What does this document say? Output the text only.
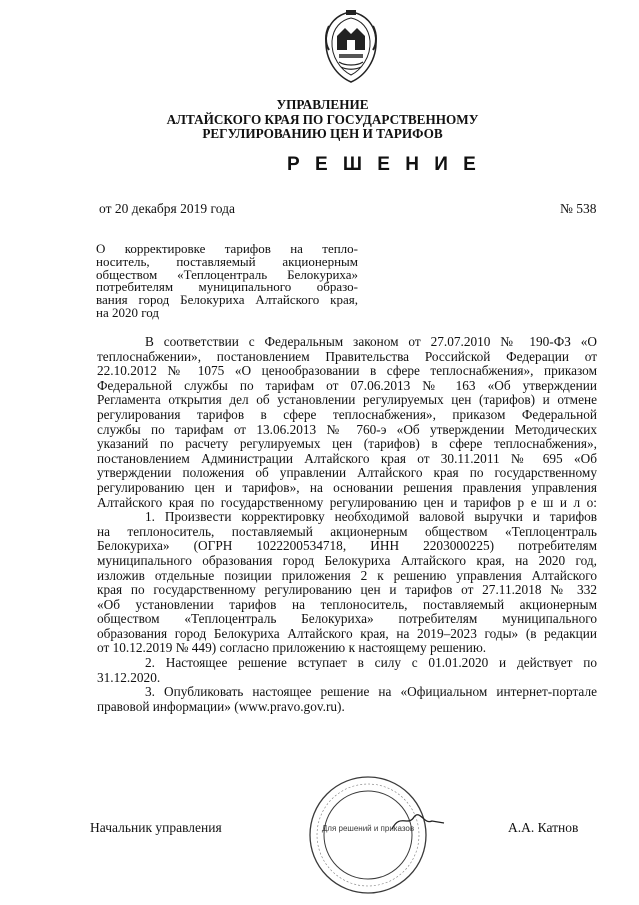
УПРАВЛЕНИЕ
АЛТАЙСКОГО КРАЯ ПО ГОСУДАРСТВЕННОМУ
РЕГУЛИРОВАНИЮ ЦЕН И ТАРИФОВ
Р Е Ш Е Н И Е
от 20 декабря 2019 года	№ 538
О корректировке тарифов на тепло-
носитель, поставляемый акционерным
обществом «Теплоцентраль Белокуриха»
потребителям муниципального образо-
вания город Белокуриха Алтайского края,
на 2020 год
В соответствии с Федеральным законом от 27.07.2010 № 190-ФЗ «О
теплоснабжении», постановлением Правительства Российской Федерации от
22.10.2012 № 1075 «О ценообразовании в сфере теплоснабжения», приказом
Федеральной службы по тарифам от 07.06.2013 № 163 «Об утверждении
Регламента открытия дел об установлении регулируемых цен (тарифов) и отмене
регулирования тарифов в сфере теплоснабжения», приказом Федеральной
службы по тарифам от 13.06.2013 № 760-э «Об утверждении Методических
указаний по расчету регулируемых цен (тарифов) в сфере теплоснабжения»,
постановлением Администрации Алтайского края от 30.11.2011 № 695 «Об
утверждении положения об управлении Алтайского края по государственному
регулированию цен и тарифов», на основании решения правления управления
Алтайского края по государственному регулированию цен и тарифов р е ш и л о:
1. Произвести корректировку необходимой валовой выручки и тарифов
на теплоноситель, поставляемый акционерным обществом «Теплоцентраль
Белокуриха» (ОГРН 1022200534718, ИНН 2203000225) потребителям
муниципального образования город Белокуриха Алтайского края, на 2020 год,
изложив отдельные позиции приложения 2 к решению управления Алтайского
края по государственному регулированию цен и тарифов от 27.11.2018 № 332
«Об установлении тарифов на теплоноситель, поставляемый акционерным
обществом «Теплоцентраль Белокуриха» потребителям муниципального
образования город Белокуриха Алтайского края, на 2019–2023 годы» (в редакции
от 10.12.2019 № 449) согласно приложению к настоящему решению.
2. Настоящее решение вступает в силу с 01.01.2020 и действует по
31.12.2020.
3. Опубликовать настоящее решение на «Официальном интернет-портале
правовой информации» (www.pravo.gov.ru).
Начальник управления	Для решений и приказов	А.А. Катнов
